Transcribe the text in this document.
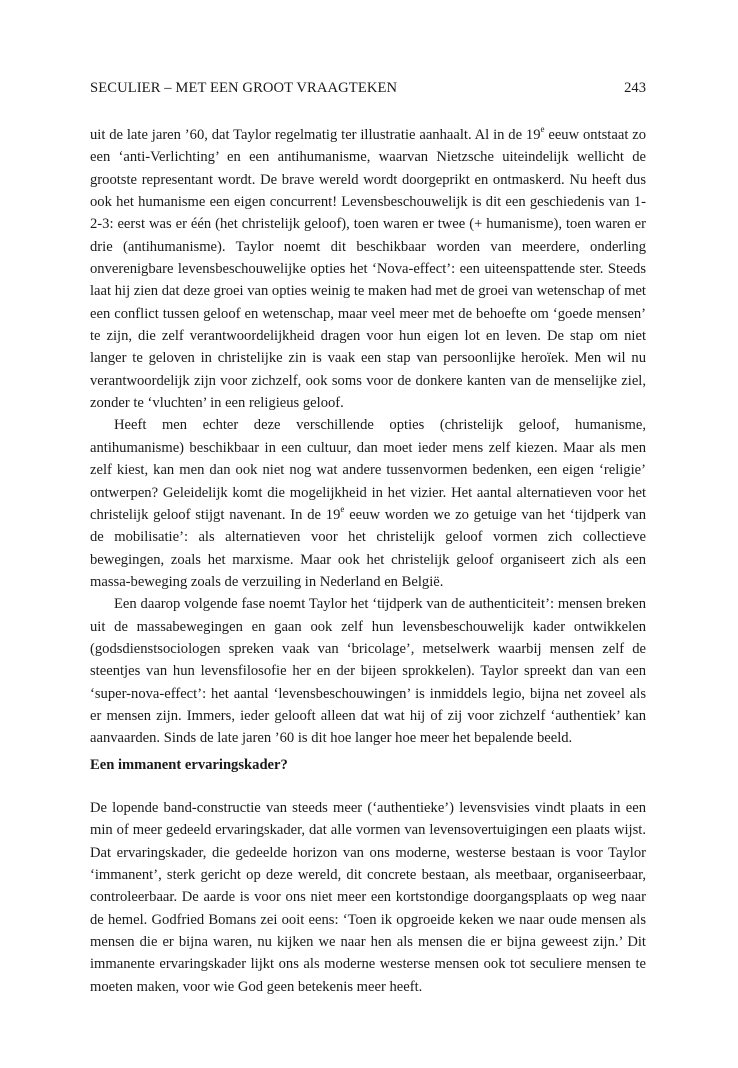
SECULIER – MET EEN GROOT VRAAGTEKEN	243

uit de late jaren ’60, dat Taylor regelmatig ter illustratie aanhaalt. Al in de 19e eeuw ontstaat zo een ‘anti-Verlichting’ en een antihumanisme, waarvan Nietzsche uiteindelijk wellicht de grootste representant wordt. De brave wereld wordt doorgeprikt en ontmaskerd. Nu heeft dus ook het humanisme een eigen concurrent! Levensbeschouwelijk is dit een geschiedenis van 1-2-3: eerst was er één (het christelijk geloof), toen waren er twee (+ humanisme), toen waren er drie (antihumanisme). Taylor noemt dit beschikbaar worden van meerdere, onderling onverenigbare levensbeschouwelijke opties het ‘Nova-effect’: een uiteenspattende ster. Steeds laat hij zien dat deze groei van opties weinig te maken had met de groei van wetenschap of met een conflict tussen geloof en wetenschap, maar veel meer met de behoefte om ‘goede mensen’ te zijn, die zelf verantwoordelijkheid dragen voor hun eigen lot en leven. De stap om niet langer te geloven in christelijke zin is vaak een stap van persoonlijke heroïek. Men wil nu verantwoordelijk zijn voor zichzelf, ook soms voor de donkere kanten van de menselijke ziel, zonder te ‘vluchten’ in een religieus geloof.

Heeft men echter deze verschillende opties (christelijk geloof, humanisme, antihumanisme) beschikbaar in een cultuur, dan moet ieder mens zelf kiezen. Maar als men zelf kiest, kan men dan ook niet nog wat andere tussenvormen bedenken, een eigen ‘religie’ ontwerpen? Geleidelijk komt die mogelijkheid in het vizier. Het aantal alternatieven voor het christelijk geloof stijgt navenant. In de 19e eeuw worden we zo getuige van het ‘tijdperk van de mobilisatie’: als alternatieven voor het christelijk geloof vormen zich collectieve bewegingen, zoals het marxisme. Maar ook het christelijk geloof organiseert zich als een massa-beweging zoals de verzuiling in Nederland en België.

Een daarop volgende fase noemt Taylor het ‘tijdperk van de authenticiteit’: mensen breken uit de massabewegingen en gaan ook zelf hun levensbeschouwelijk kader ontwikkelen (godsdienstsociologen spreken vaak van ‘bricolage’, metselwerk waarbij mensen zelf de steentjes van hun levensfilosofie her en der bijeen sprokkelen). Taylor spreekt dan van een ‘super-nova-effect’: het aantal ‘levensbeschouwingen’ is inmiddels legio, bijna net zoveel als er mensen zijn. Immers, ieder gelooft alleen dat wat hij of zij voor zichzelf ‘authentiek’ kan aanvaarden. Sinds de late jaren ’60 is dit hoe langer hoe meer het bepalende beeld.

Een immanent ervaringskader?

De lopende band-constructie van steeds meer (‘authentieke’) levensvisies vindt plaats in een min of meer gedeeld ervaringskader, dat alle vormen van levensovertuigingen een plaats wijst. Dat ervaringskader, die gedeelde horizon van ons moderne, westerse bestaan is voor Taylor ‘immanent’, sterk gericht op deze wereld, dit concrete bestaan, als meetbaar, organiseerbaar, controleerbaar. De aarde is voor ons niet meer een kortstondige doorgangsplaats op weg naar de hemel. Godfried Bomans zei ooit eens: ‘Toen ik opgroeide keken we naar oude mensen als mensen die er bijna waren, nu kijken we naar hen als mensen die er bijna geweest zijn.’ Dit immanente ervaringskader lijkt ons als moderne westerse mensen ook tot seculiere mensen te moeten maken, voor wie God geen betekenis meer heeft.
